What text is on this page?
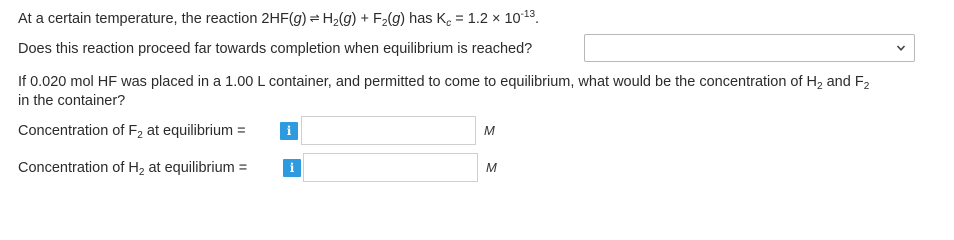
At a certain temperature, the reaction 2HF(g) ⇌ $H_2(g) + F_2(g)$ has $K_c = 1.2 \times 10^{-13}$.
Does this reaction proceed far towards completion when equilibrium is reached?
If 0.020 mol HF was placed in a 1.00 L container, and permitted to come to equilibrium, what would be the concentration of $H_2$ and $F_2$
in the container?
Concentration of $F_2$ at equilibrium =	i	M
Concentration of $H_2$ at equilibrium =	i	M
